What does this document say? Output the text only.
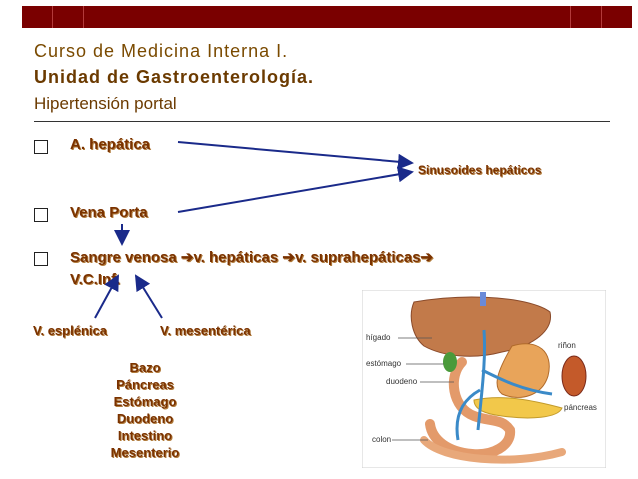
Curso de Medicina Interna I.
Unidad de Gastroenterología.
Hipertensión portal
A. hepática
Vena Porta
Sangre venosa ➔v. hepáticas ➔v. suprahepáticas➔
V.C.Inf.
Sinusoides hepáticos
V. esplénica	V. mesentérica
Bazo
Páncreas
Estómago
Duodeno
Intestino
Mesenterio
hígado
estómago
duodeno
colon
riñon
páncreas
